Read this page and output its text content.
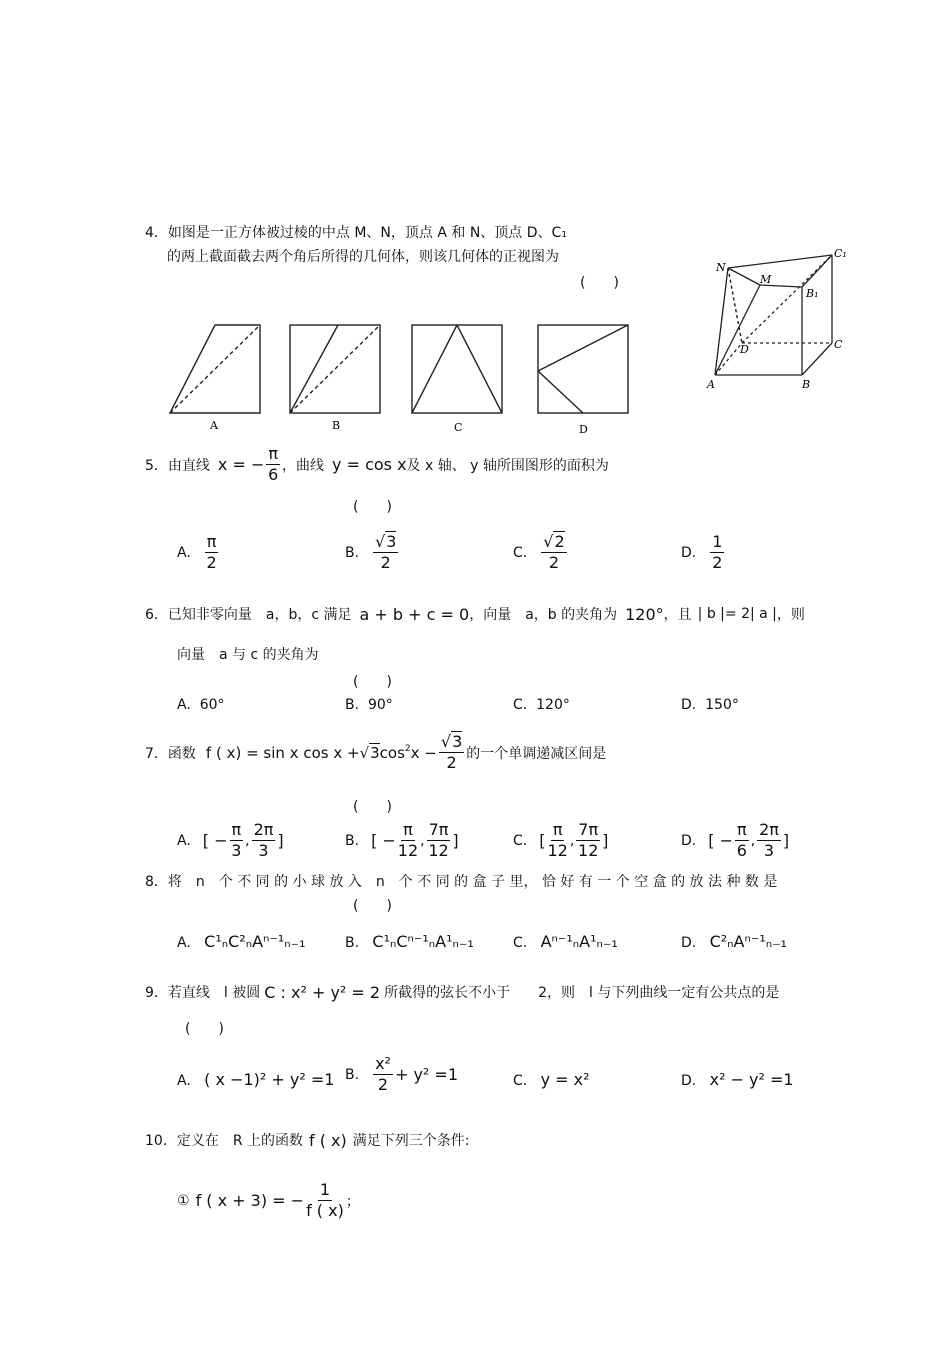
4．如图是一正方体被过棱的中点 M、N，顶点 A 和 N、顶点 D、C₁
的两上截面截去两个角后所得的几何体，则该几何体的正视图为
(　　)
A	B	C	D
N
M
C₁
B₁
D	C
A	B
5．由直线 x = − $\frac{\pi}{6}$ ，曲线 y = cos x 及 x 轴、 y 轴所围图形的面积为
(　　)
A. $\frac{\pi}{2}$	B. $\frac{√3}{2}$	C. $\frac{√2}{2}$	D. $\frac{1}{2}$
6．已知非零向量　a，b，c 满足 a + b + c = 0 ，向量　a，b 的夹角为 120° ，且 | b |= 2| a | ，则
向量　a 与 c 的夹角为
(　　)
A. 60°	B. 90°	C. 120°	D. 150°
7．函数 f ( x) = sin x cos x + √3 $\cos^2 x - \frac{√3}{2}$ 的一个单调递减区间是
(　　)
A. [ − $\frac{\pi}{3}$ , $\frac{2\pi}{3}$ ]	B. [ − $\frac{\pi}{12}$ , $\frac{7\pi}{12}$ ]	C. [ $\frac{\pi}{12}$ , $\frac{7\pi}{12}$ ]	D. [ − $\frac{\pi}{6}$ , $\frac{2\pi}{3}$ ]
8．将　n　个 不 同 的 小 球 放 入　n　个 不 同 的 盒 子 里， 恰 好 有 一 个 空 盒 的 放 法 种 数 是
(　　)
A. C¹ₙC²ₙAⁿ⁻¹ₙ₋₁	B. C¹ₙCⁿ⁻¹ₙA¹ₙ₋₁	C. Aⁿ⁻¹ₙA¹ₙ₋₁	D. C²ₙAⁿ⁻¹ₙ₋₁
9．若直线　l 被圆 C : x² + y² = 2 所截得的弦长不小于　　2，则　l 与下列曲线一定有公共点的是
(　　)
A. ( x −1)² + y² =1 B. $\frac{\text{x²}}{2} + y^2 =1$	C. y = x²	D. x² − y² =1
10．定义在　R 上的函数 f ( x) 满足下列三个条件:
① f ( x + 3) = − $\frac{1}{f ( x)}$ ；
